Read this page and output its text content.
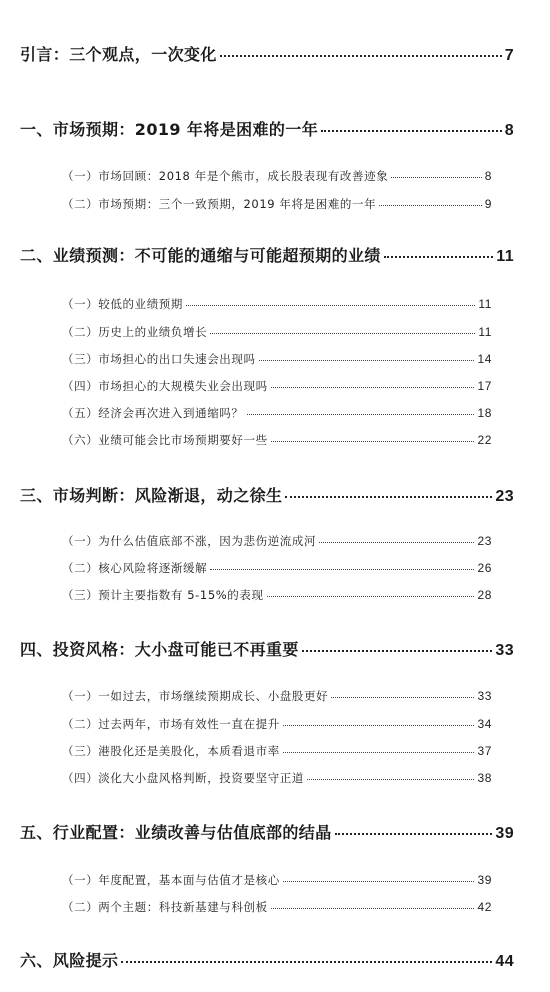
引言：三个观点，一次变化	7
一、市场预期：2019 年将是困难的一年	8
（一）市场回顾：2018 年是个熊市，成长股表现有改善迹象	8
（二）市场预期：三个一致预期，2019 年将是困难的一年	9
二、业绩预测：不可能的通缩与可能超预期的业绩	11
（一）较低的业绩预期	11
（二）历史上的业绩负增长	11
（三）市场担心的出口失速会出现吗	14
（四）市场担心的大规模失业会出现吗	17
（五）经济会再次进入到通缩吗？	18
（六）业绩可能会比市场预期要好一些	22
三、市场判断：风险渐退，动之徐生	23
（一）为什么估值底部不涨，因为悲伤逆流成河	23
（二）核心风险将逐渐缓解	26
（三）预计主要指数有 5-15%的表现	28
四、投资风格：大小盘可能已不再重要	33
（一）一如过去，市场继续预期成长、小盘股更好	33
（二）过去两年，市场有效性一直在提升	34
（三）港股化还是美股化，本质看退市率	37
（四）淡化大小盘风格判断，投资要坚守正道	38
五、行业配置：业绩改善与估值底部的结晶	39
（一）年度配置，基本面与估值才是核心	39
（二）两个主题：科技新基建与科创板	42
六、风险提示	44
